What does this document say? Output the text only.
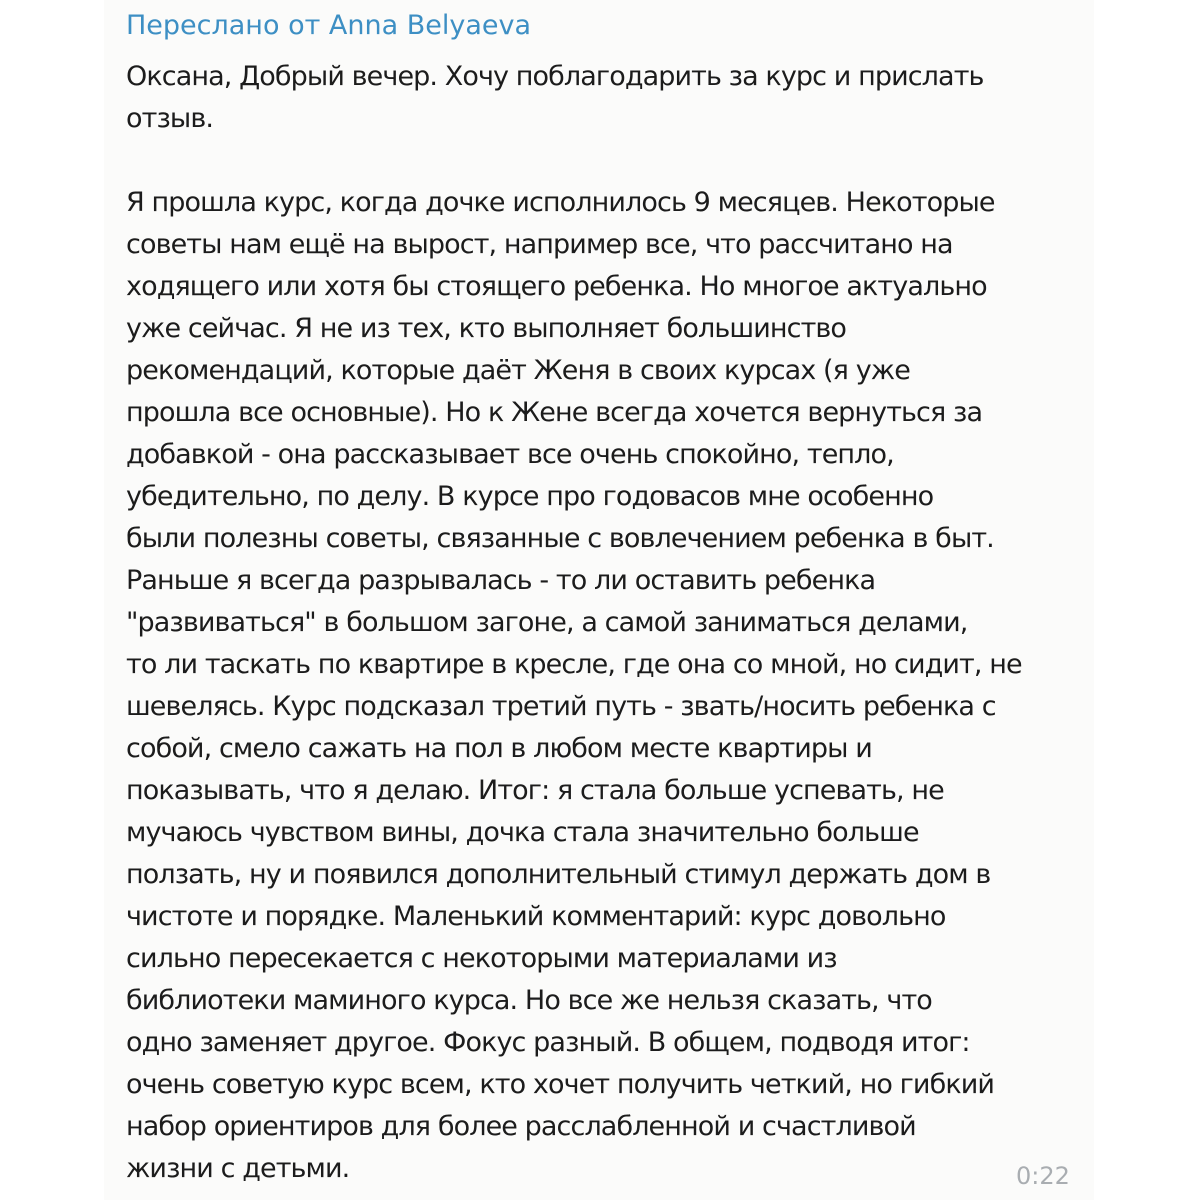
Переслано от Anna Belyaeva
Оксана, Добрый вечер. Хочу поблагодарить за курс и прислать
отзыв.
Я прошла курс, когда дочке исполнилось 9 месяцев. Некоторые
советы нам ещё на вырост, например все, что рассчитано на
ходящего или хотя бы стоящего ребенка. Но многое актуально
уже сейчас. Я не из тех, кто выполняет большинство
рекомендаций, которые даёт Женя в своих курсах (я уже
прошла все основные). Но к Жене всегда хочется вернуться за
добавкой - она рассказывает все очень спокойно, тепло,
убедительно, по делу. В курсе про годовасов мне особенно
были полезны советы, связанные с вовлечением ребенка в быт.
Раньше я всегда разрывалась - то ли оставить ребенка
"развиваться" в большом загоне, а самой заниматься делами,
то ли таскать по квартире в кресле, где она со мной, но сидит, не
шевелясь. Курс подсказал третий путь - звать/носить ребенка с
собой, смело сажать на пол в любом месте квартиры и
показывать, что я делаю. Итог: я стала больше успевать, не
мучаюсь чувством вины, дочка стала значительно больше
ползать, ну и появился дополнительный стимул держать дом в
чистоте и порядке. Маленький комментарий: курс довольно
сильно пересекается с некоторыми материалами из
библиотеки маминого курса. Но все же нельзя сказать, что
одно заменяет другое. Фокус разный. В общем, подводя итог:
очень советую курс всем, кто хочет получить четкий, но гибкий
набор ориентиров для более расслабленной и счастливой
жизни с детьми.	0:22
